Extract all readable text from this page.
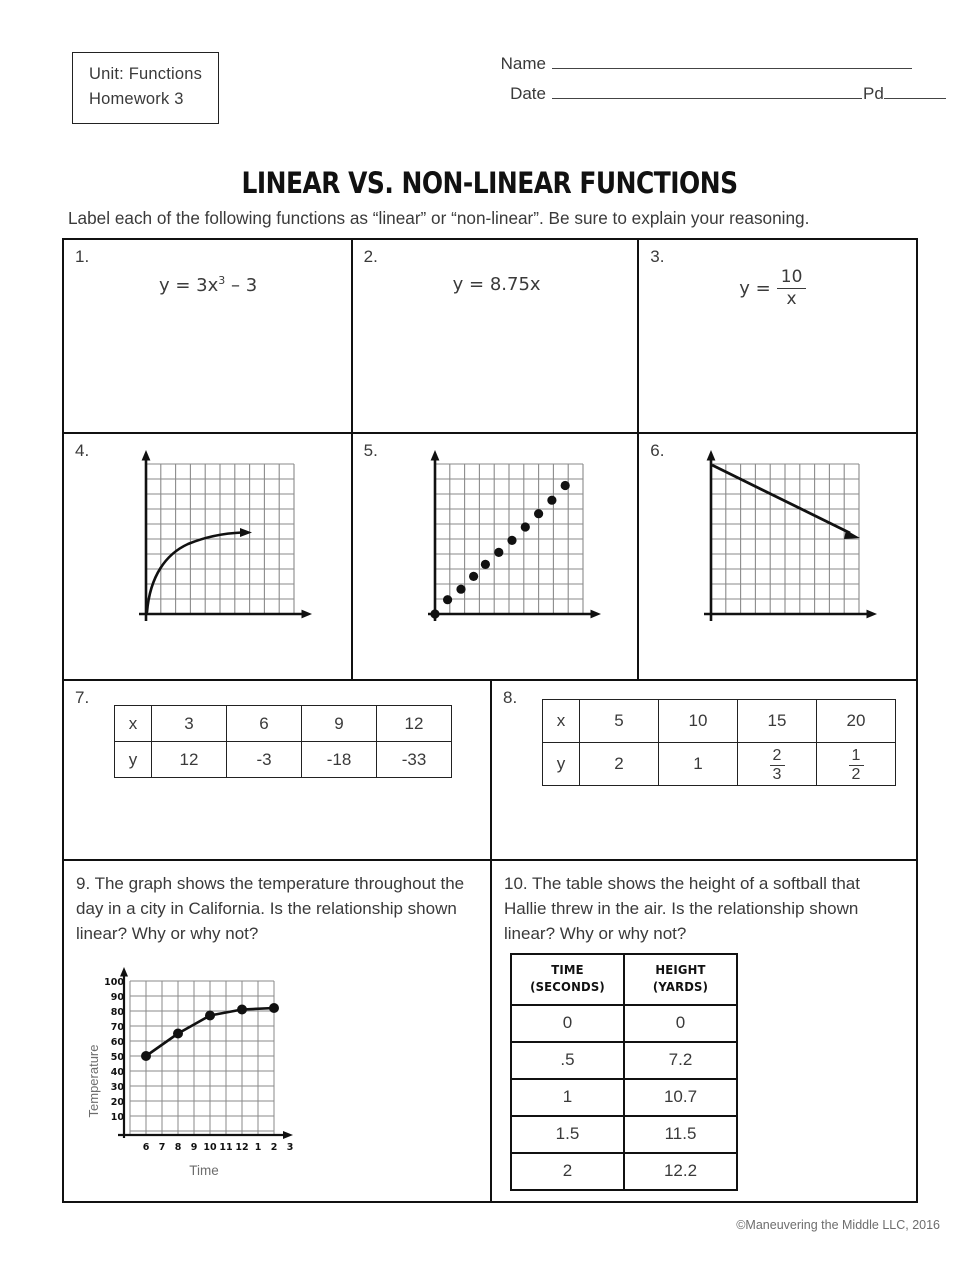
Unit: Functions
Homework 3
Name
Date	Pd
LINEAR VS. NON-LINEAR FUNCTIONS
Label each of the following functions as “linear” or “non-linear”. Be sure to explain your reasoning.
1.
$y = 3x^3 - 3$
2.
y = 8.75x
3.
$y = \frac{10}{x}$
4.	5.	6.
7.
x	3	6	9	12
y	12	-3	-18	-33
8.
x	5	10	15	20
y	2	1	$\frac{2}{3}$	$\frac{1}{2}$
9. The graph shows the temperature throughout the day in a city in California. Is the relationship shown linear? Why or why not?
Temperature
100
90
80
70
60
50
40
30
20
10
6 7 8 9 10 11 12 1 2 3
Time
10. The table shows the height of a softball that Hallie threw in the air. Is the relationship shown linear? Why or why not?
TIME
(SECONDS)

HEIGHT
(YARDS)

0	0
.5	7.2
1	10.7
1.5	11.5
2	12.2
©Maneuvering the Middle LLC, 2016
